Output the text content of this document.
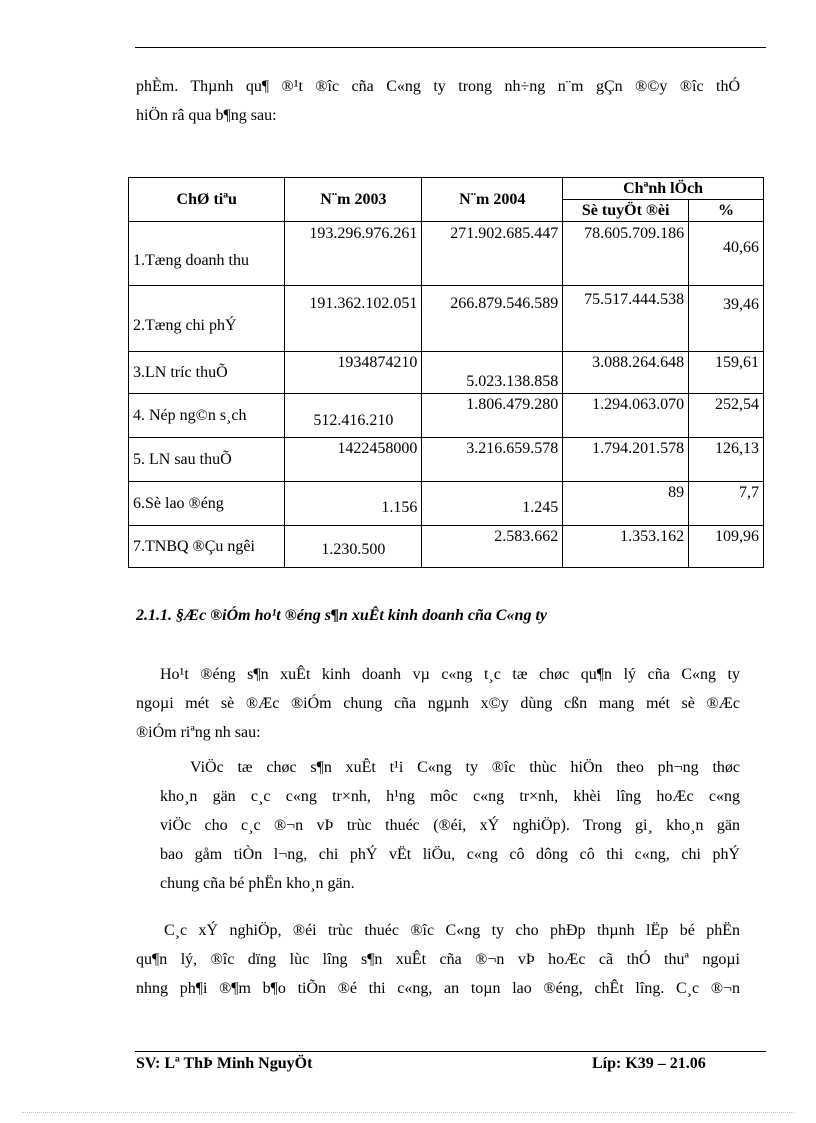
phÈm. Thµnh qu¶ ®¹t ®îc cña C«ng ty trong nh÷ng n¨m gÇn ®©y ®îc thÓ
hiÖn râ qua b¶ng sau:

ChØ tiªu	N¨m 2003	N¨m 2004	Chªnh lÖch	
			Sè tuyÖt ®èi	%
1.Tæng doanh thu	193.296.976.261	271.902.685.447	78.605.709.186	40,66
2.Tæng chi phÝ	191.362.102.051	266.879.546.589	75.517.444.538	39,46
3.LN tríc thuÕ	1934874210	5.023.138.858	3.088.264.648	159,61
4. Nép ng©n s¸ch	512.416.210	1.806.479.280	1.294.063.070	252,54
5. LN sau thuÕ	1422458000	3.216.659.578	1.794.201.578	126,13
6.Sè lao ®éng	1.156	1.245	89	7,7
7.TNBQ ®Çu ngêi	1.230.500	2.583.662	1.353.162	109,96

2.1.1. §Æc ®iÓm ho¹t ®éng s¶n xuÊt kinh doanh cña C«ng ty

Ho¹t ®éng s¶n xuÊt kinh doanh vµ c«ng t¸c tæ chøc qu¶n lý cña C«ng ty
ngoµi mét sè ®Æc ®iÓm chung cña ngµnh x©y dùng cßn mang mét sè ®Æc
®iÓm riªng nh sau:

ViÖc tæ chøc s¶n xuÊt t¹i C«ng ty ®îc thùc hiÖn theo ph¬ng thøc
kho¸n gän c¸c c«ng tr×nh, h¹ng môc c«ng tr×nh, khèi lîng hoÆc c«ng
viÖc cho c¸c ®¬n vÞ trùc thuéc (®éi, xÝ nghiÖp). Trong gi¸ kho¸n gän
bao gåm tiÒn l¬ng, chi phÝ vËt liÖu, c«ng cô dông cô thi c«ng, chi phÝ
chung cña bé phËn kho¸n gän.

C¸c xÝ nghiÖp, ®éi trùc thuéc ®îc C«ng ty cho phÐp thµnh lËp bé phËn
qu¶n lý, ®îc dïng lùc lîng s¶n xuÊt cña ®¬n vÞ hoÆc cã thÓ thuª ngoµi
nhng ph¶i ®¶m b¶o tiÕn ®é thi c«ng, an toµn lao ®éng, chÊt lîng. C¸c ®¬n

SV: Lª ThÞ Minh NguyÖt	Líp: K39 – 21.06
